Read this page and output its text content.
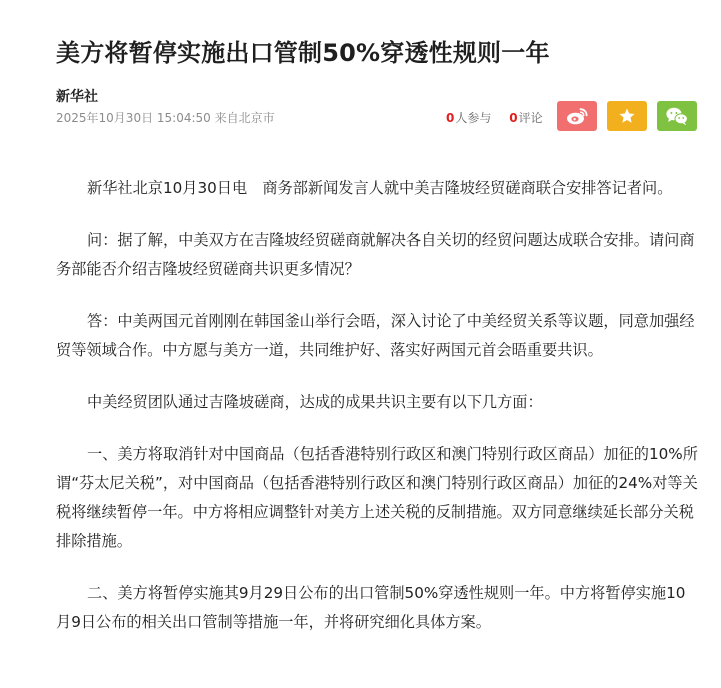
美方将暂停实施出口管制50%穿透性规则一年
新华社
2025年10月30日 15:04:50 来自北京市	0人参与 0评论

新华社北京10月30日电　商务部新闻发言人就中美吉隆坡经贸磋商联合安排答记者问。

问：据了解，中美双方在吉隆坡经贸磋商就解决各自关切的经贸问题达成联合安排。请问商务部能否介绍吉隆坡经贸磋商共识更多情况？

答：中美两国元首刚刚在韩国釜山举行会晤，深入讨论了中美经贸关系等议题，同意加强经贸等领域合作。中方愿与美方一道，共同维护好、落实好两国元首会晤重要共识。

中美经贸团队通过吉隆坡磋商，达成的成果共识主要有以下几方面：

一、美方将取消针对中国商品（包括香港特别行政区和澳门特别行政区商品）加征的10%所谓“芬太尼关税”，对中国商品（包括香港特别行政区和澳门特别行政区商品）加征的24%对等关税将继续暂停一年。中方将相应调整针对美方上述关税的反制措施。双方同意继续延长部分关税排除措施。

二、美方将暂停实施其9月29日公布的出口管制50%穿透性规则一年。中方将暂停实施10月9日公布的相关出口管制等措施一年，并将研究细化具体方案。
